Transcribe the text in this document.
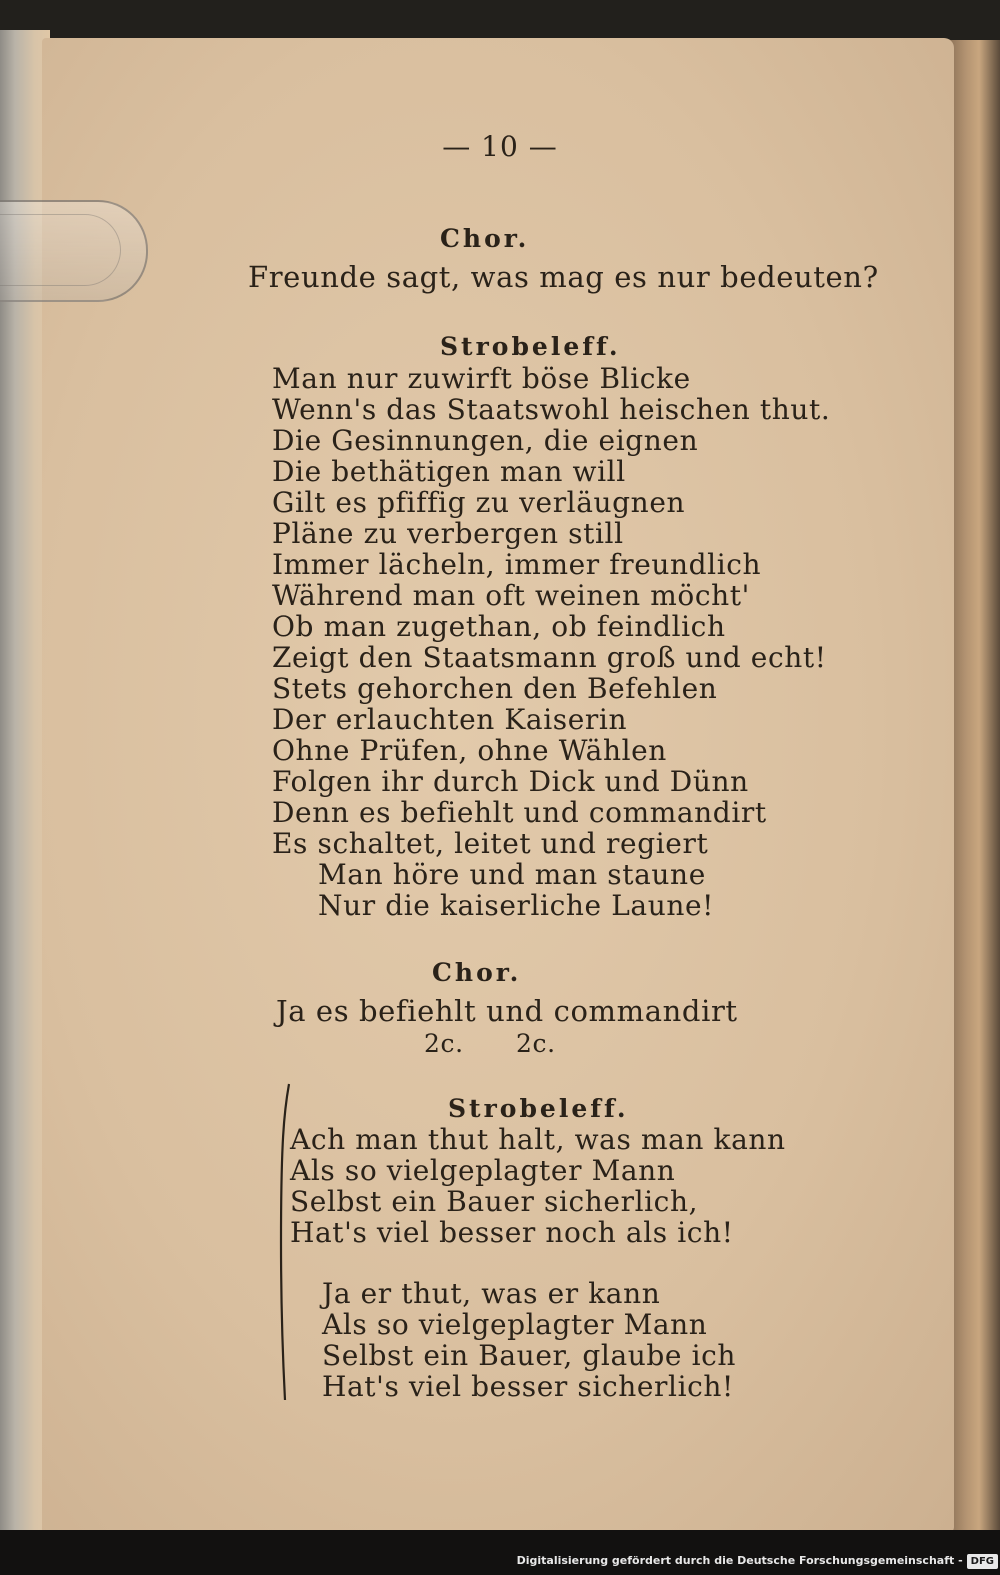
— 10 —

Chor.

Freunde sagt, was mag es nur bedeuten?

Strobeleff.

Man nur zuwirft böse Blicke
Wenn's das Staatswohl heischen thut.
Die Gesinnungen, die eignen
Die bethätigen man will
Gilt es pfiffig zu verläugnen
Pläne zu verbergen still
Immer lächeln, immer freundlich
Während man oft weinen möcht'
Ob man zugethan, ob feindlich
Zeigt den Staatsmann groß und echt!
Stets gehorchen den Befehlen
Der erlauchten Kaiserin
Ohne Prüfen, ohne Wählen
Folgen ihr durch Dick und Dünn
Denn es befiehlt und commandirt
Es schaltet, leitet und regiert
Man höre und man staune
Nur die kaiserliche Laune!

Chor.

Ja es befiehlt und commandirt

2c. 2c.

Strobeleff.

Ach man thut halt, was man kann
Als so vielgeplagter Mann
Selbst ein Bauer sicherlich,
Hat's viel besser noch als ich!
Ja er thut, was er kann
Als so vielgeplagter Mann
Selbst ein Bauer, glaube ich
Hat's viel besser sicherlich!
Digitalisierung gefördert durch die Deutsche Forschungsgemeinschaft - DFG
